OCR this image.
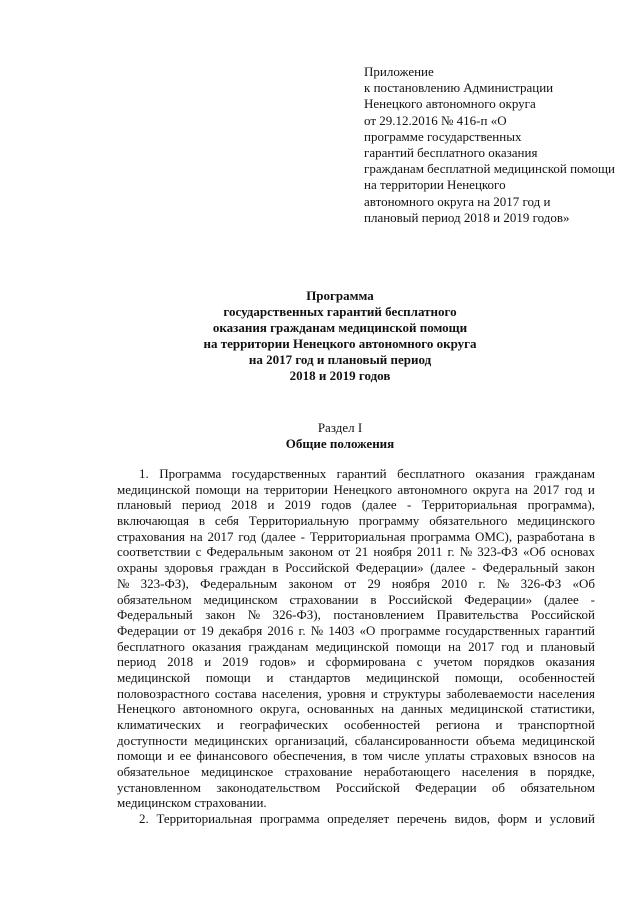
Приложение
к постановлению Администрации
Ненецкого автономного округа
от 29.12.2016 № 416-п «О
программе государственных
гарантий бесплатного оказания
гражданам бесплатной медицинской помощи
на территории Ненецкого
автономного округа на 2017 год и
плановый период 2018 и 2019 годов»
Программа
государственных гарантий бесплатного
оказания гражданам медицинской помощи
на территории Ненецкого автономного округа
на 2017 год и плановый период
2018 и 2019 годов
Раздел I
Общие положения
1. Программа государственных гарантий бесплатного оказания гражданам
медицинской помощи на территории Ненецкого автономного округа на 2017 год и
плановый период 2018 и 2019 годов (далее - Территориальная программа),
включающая в себя Территориальную программу обязательного медицинского
страхования на 2017 год (далее - Территориальная программа ОМС), разработана в
соответствии с Федеральным законом от 21 ноября 2011 г. № 323-ФЗ «Об основах
охраны здоровья граждан в Российской Федерации» (далее - Федеральный закон
№ 323-ФЗ), Федеральным законом от 29 ноября 2010 г. № 326-ФЗ «Об
обязательном медицинском страховании в Российской Федерации» (далее -
Федеральный закон № 326-ФЗ), постановлением Правительства Российской
Федерации от 19 декабря 2016 г. № 1403 «О программе государственных гарантий
бесплатного оказания гражданам медицинской помощи на 2017 год и плановый
период 2018 и 2019 годов» и сформирована с учетом порядков оказания
медицинской помощи и стандартов медицинской помощи, особенностей
половозрастного состава населения, уровня и структуры заболеваемости населения
Ненецкого автономного округа, основанных на данных медицинской статистики,
климатических и географических особенностей региона и транспортной
доступности медицинских организаций, сбалансированности объема медицинской
помощи и ее финансового обеспечения, в том числе уплаты страховых взносов на
обязательное медицинское страхование неработающего населения в порядке,
установленном законодательством Российской Федерации об обязательном
медицинском страховании.
2. Территориальная программа определяет перечень видов, форм и условий
